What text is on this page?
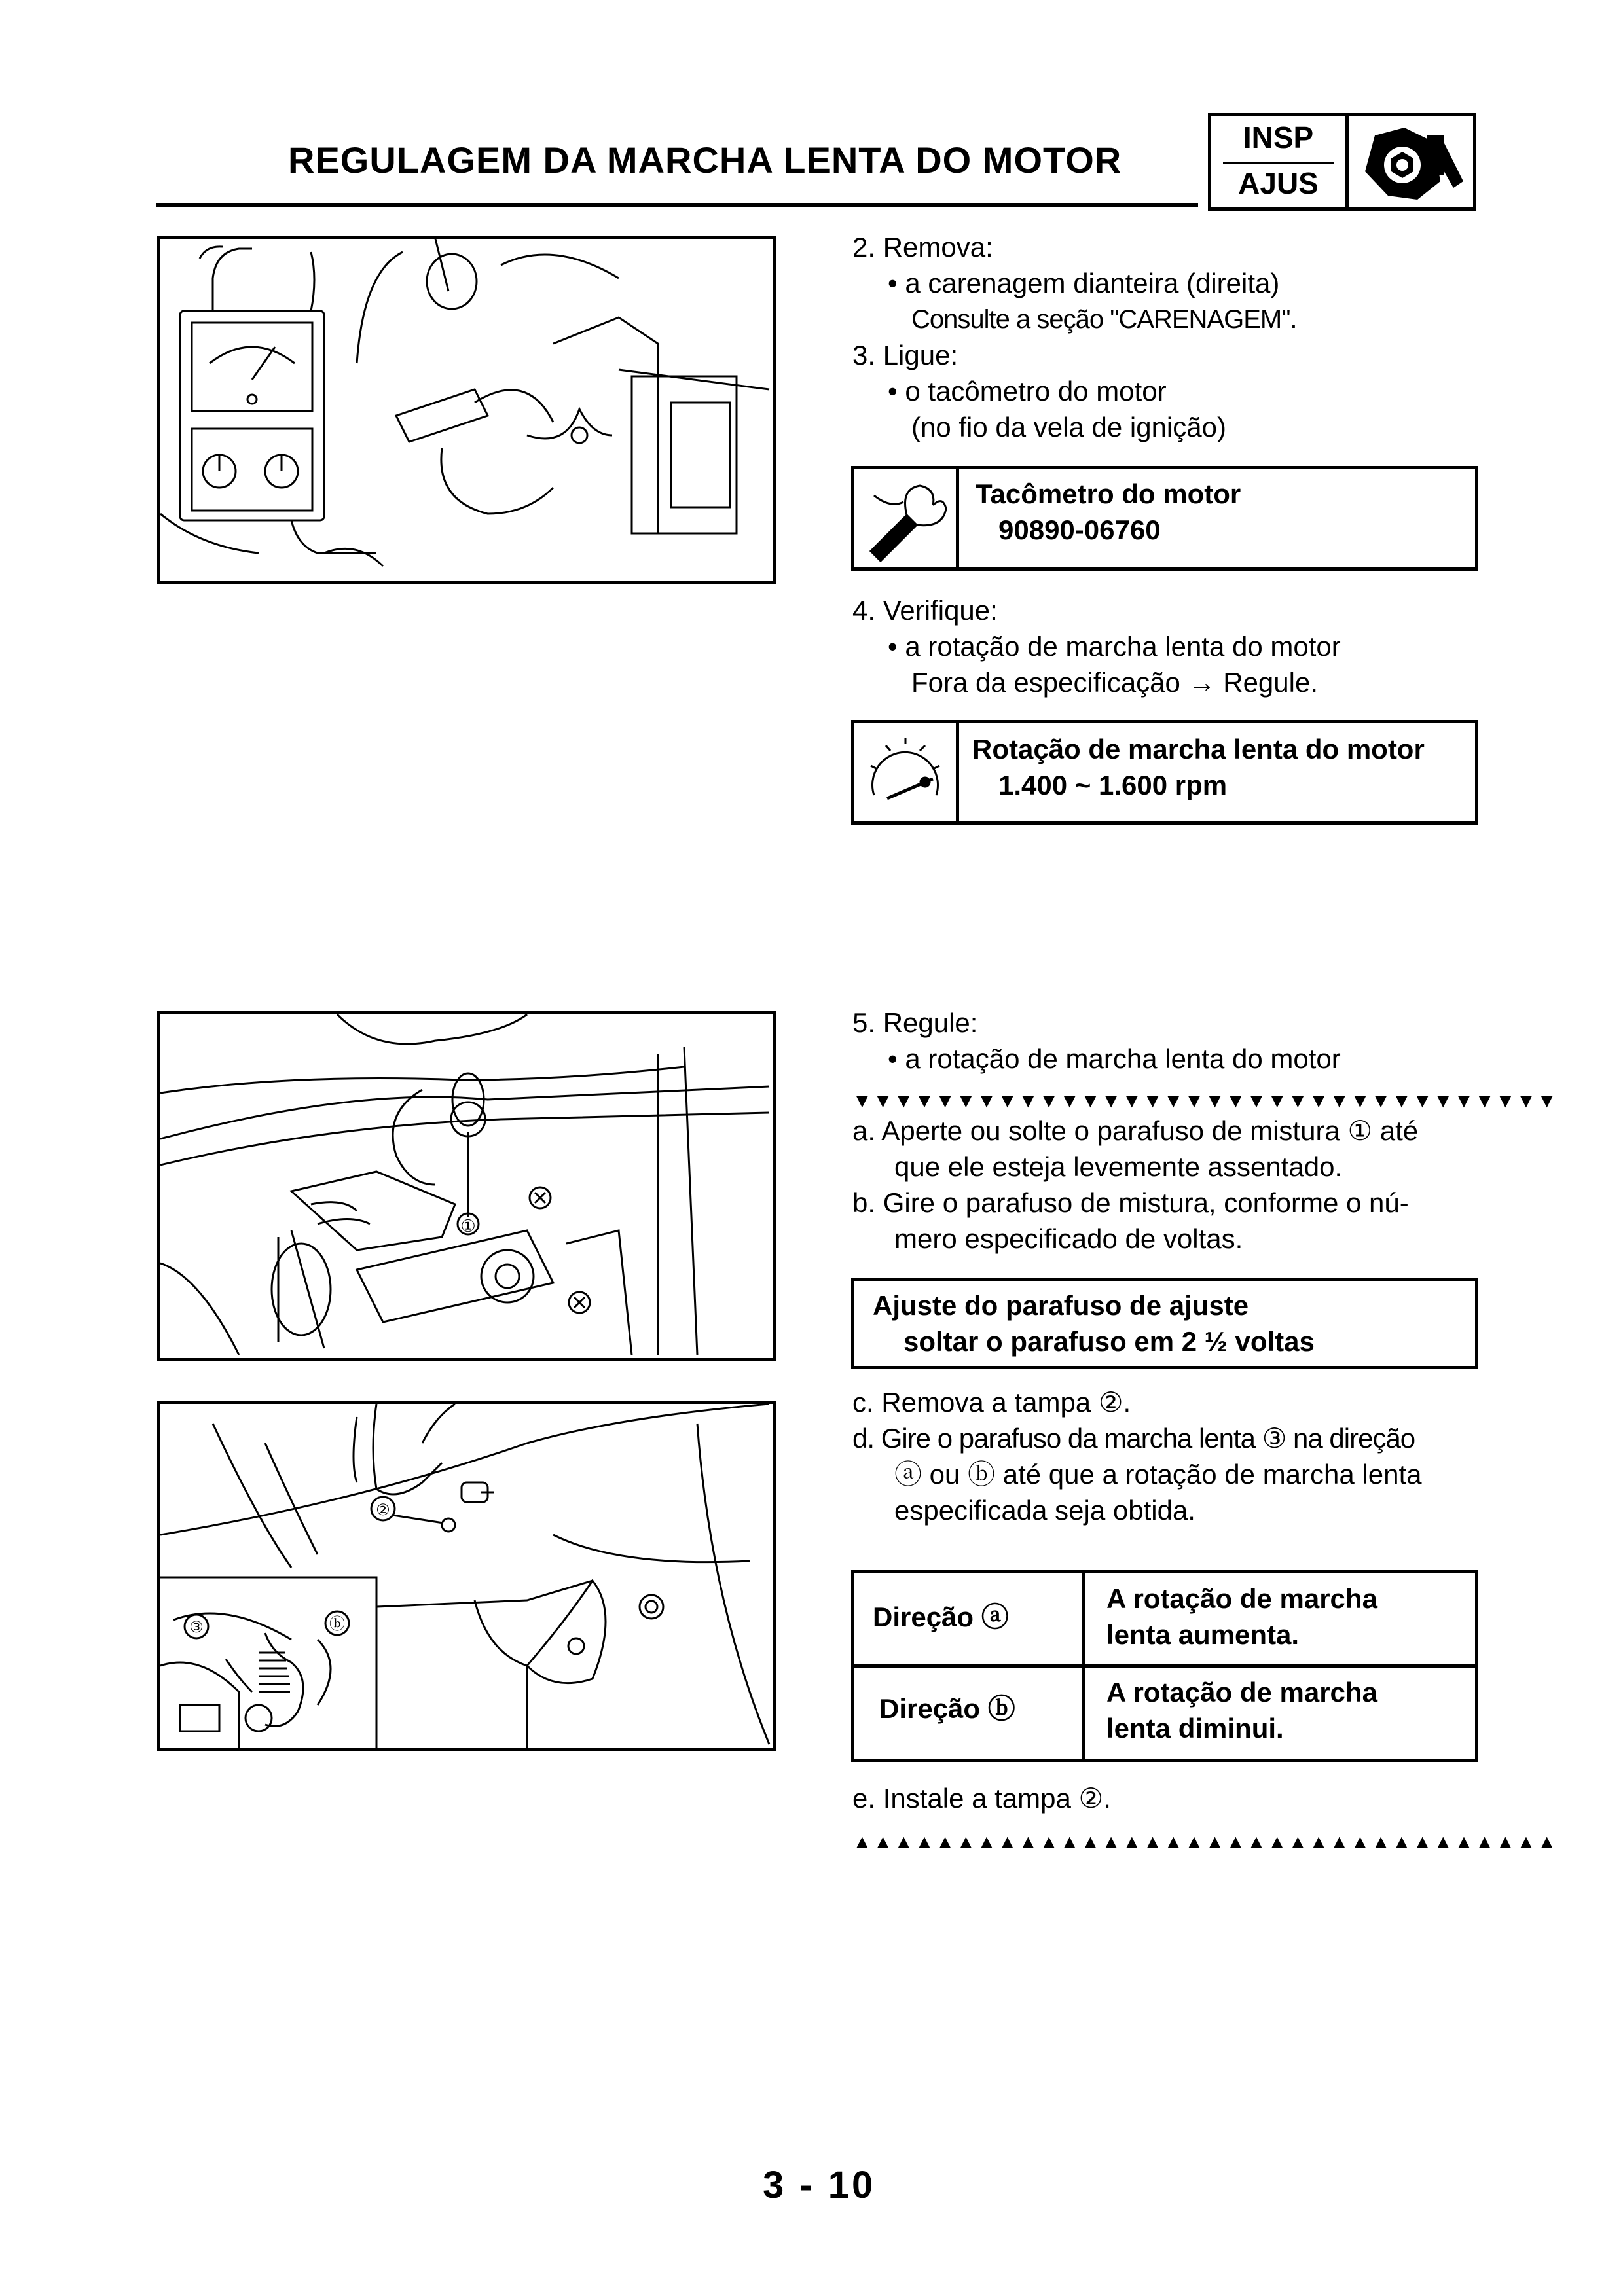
REGULAGEM DA MARCHA LENTA DO MOTOR
INSP
AJUS
2. Remova:
• a carenagem dianteira (direita)
Consulte a seção "CARENAGEM".
3. Ligue:
• o tacômetro do motor
(no fio da vela de ignição)
Tacômetro do motor
90890-06760
4. Verifique:
• a rotação de marcha lenta do motor
Fora da especificação → Regule.
Rotação de marcha lenta do motor
1.400 ~ 1.600 rpm
①
5. Regule:
• a rotação de marcha lenta do motor
▼▼▼▼▼▼▼▼▼▼▼▼▼▼▼▼▼▼▼▼▼▼▼▼▼▼▼▼▼▼▼▼▼▼
a. Aperte ou solte o parafuso de mistura ① até
que ele esteja levemente assentado.
b. Gire o parafuso de mistura, conforme o nú-
mero especificado de voltas.
Ajuste do parafuso de ajuste
soltar o parafuso em 2 ½ voltas
c. Remova a tampa ②.
d. Gire o parafuso da marcha lenta ③ na direção
ⓐ ou ⓑ até que a rotação de marcha lenta
especificada seja obtida.
②
③	ⓑ	Direção ⓐ
A rotação de marcha
lenta aumenta.
Direção ⓑ
A rotação de marcha
lenta diminui.
e. Instale a tampa ②.
▲▲▲▲▲▲▲▲▲▲▲▲▲▲▲▲▲▲▲▲▲▲▲▲▲▲▲▲▲▲▲▲▲▲
3 - 10
